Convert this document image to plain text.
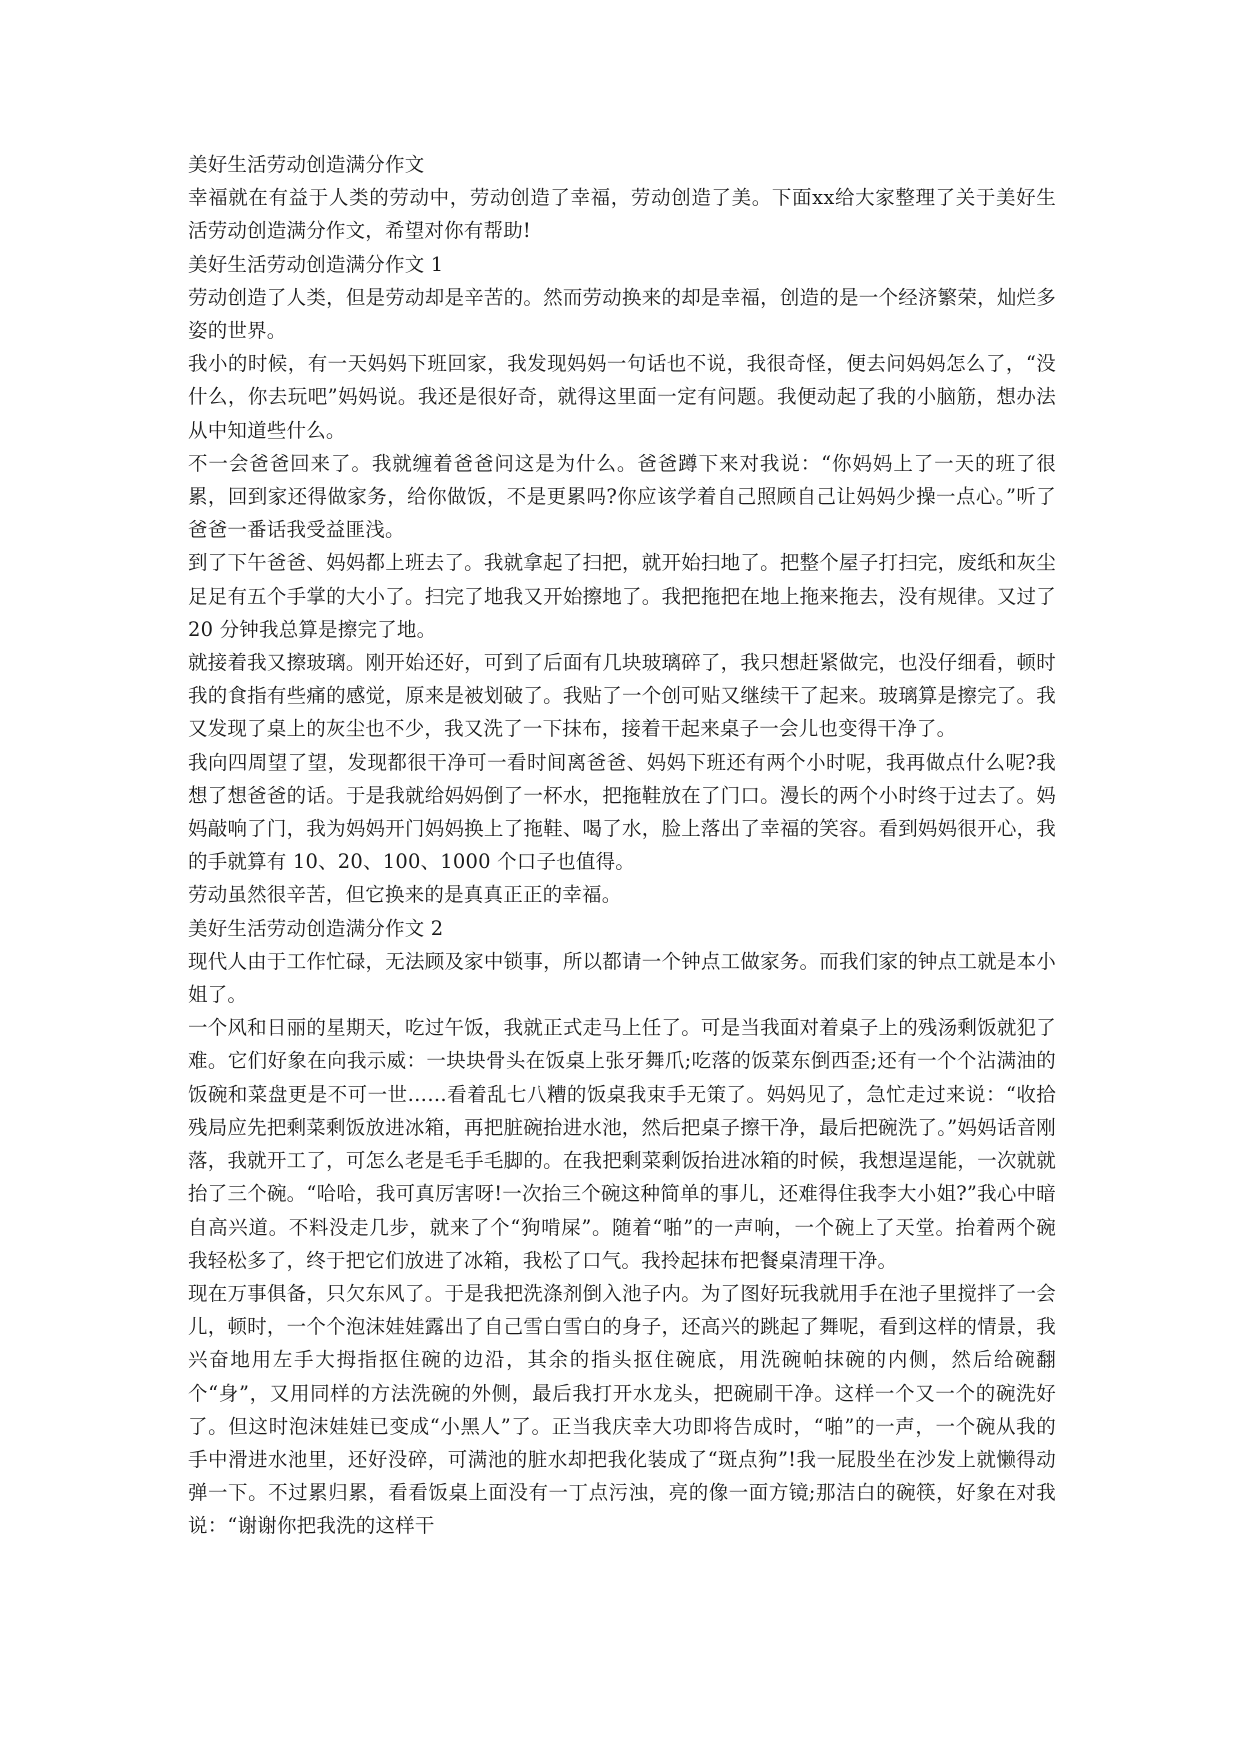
美好生活劳动创造满分作文
幸福就在有益于人类的劳动中，劳动创造了幸福，劳动创造了美。下面xx给大家整理了关于美好生活劳动创造满分作文，希望对你有帮助!
美好生活劳动创造满分作文 1
劳动创造了人类，但是劳动却是辛苦的。然而劳动换来的却是幸福，创造的是一个经济繁荣，灿烂多姿的世界。
我小的时候，有一天妈妈下班回家，我发现妈妈一句话也不说，我很奇怪，便去问妈妈怎么了，“没什么，你去玩吧”妈妈说。我还是很好奇，就得这里面一定有问题。我便动起了我的小脑筋，想办法从中知道些什么。
不一会爸爸回来了。我就缠着爸爸问这是为什么。爸爸蹲下来对我说：“你妈妈上了一天的班了很累，回到家还得做家务，给你做饭，不是更累吗?你应该学着自己照顾自己让妈妈少操一点心。”听了爸爸一番话我受益匪浅。
到了下午爸爸、妈妈都上班去了。我就拿起了扫把，就开始扫地了。把整个屋子打扫完，废纸和灰尘足足有五个手掌的大小了。扫完了地我又开始擦地了。我把拖把在地上拖来拖去，没有规律。又过了 20 分钟我总算是擦完了地。
就接着我又擦玻璃。刚开始还好，可到了后面有几块玻璃碎了，我只想赶紧做完，也没仔细看，顿时我的食指有些痛的感觉，原来是被划破了。我贴了一个创可贴又继续干了起来。玻璃算是擦完了。我又发现了桌上的灰尘也不少，我又洗了一下抹布，接着干起来桌子一会儿也变得干净了。
我向四周望了望，发现都很干净可一看时间离爸爸、妈妈下班还有两个小时呢，我再做点什么呢?我想了想爸爸的话。于是我就给妈妈倒了一杯水，把拖鞋放在了门口。漫长的两个小时终于过去了。妈妈敲响了门，我为妈妈开门妈妈换上了拖鞋、喝了水，脸上落出了幸福的笑容。看到妈妈很开心，我的手就算有 10、20、100、1000 个口子也值得。
劳动虽然很辛苦，但它换来的是真真正正的幸福。
美好生活劳动创造满分作文 2
现代人由于工作忙碌，无法顾及家中锁事，所以都请一个钟点工做家务。而我们家的钟点工就是本小姐了。
一个风和日丽的星期天，吃过午饭，我就正式走马上任了。可是当我面对着桌子上的残汤剩饭就犯了难。它们好象在向我示威：一块块骨头在饭桌上张牙舞爪;吃落的饭菜东倒西歪;还有一个个沾满油的饭碗和菜盘更是不可一世……看着乱七八糟的饭桌我束手无策了。妈妈见了，急忙走过来说：“收拾残局应先把剩菜剩饭放进冰箱，再把脏碗抬进水池，然后把桌子擦干净，最后把碗洗了。”妈妈话音刚落，我就开工了，可怎么老是毛手毛脚的。在我把剩菜剩饭抬进冰箱的时候，我想逞逞能，一次就就抬了三个碗。“哈哈，我可真厉害呀!一次抬三个碗这种简单的事儿，还难得住我李大小姐?”我心中暗自高兴道。不料没走几步，就来了个“狗啃屎”。随着“啪”的一声响，一个碗上了天堂。抬着两个碗我轻松多了，终于把它们放进了冰箱，我松了口气。我拎起抹布把餐桌清理干净。
现在万事俱备，只欠东风了。于是我把洗涤剂倒入池子内。为了图好玩我就用手在池子里搅拌了一会儿，顿时，一个个泡沫娃娃露出了自己雪白雪白的身子，还高兴的跳起了舞呢，看到这样的情景，我兴奋地用左手大拇指抠住碗的边沿，其余的指头抠住碗底，用洗碗帕抹碗的内侧，然后给碗翻个“身”，又用同样的方法洗碗的外侧，最后我打开水龙头，把碗刷干净。这样一个又一个的碗洗好了。但这时泡沫娃娃已变成“小黑人”了。正当我庆幸大功即将告成时，“啪”的一声，一个碗从我的手中滑进水池里，还好没碎，可满池的脏水却把我化装成了“斑点狗”!我一屁股坐在沙发上就懒得动弹一下。不过累归累，看看饭桌上面没有一丁点污浊，亮的像一面方镜;那洁白的碗筷，好象在对我说：“谢谢你把我洗的这样干
